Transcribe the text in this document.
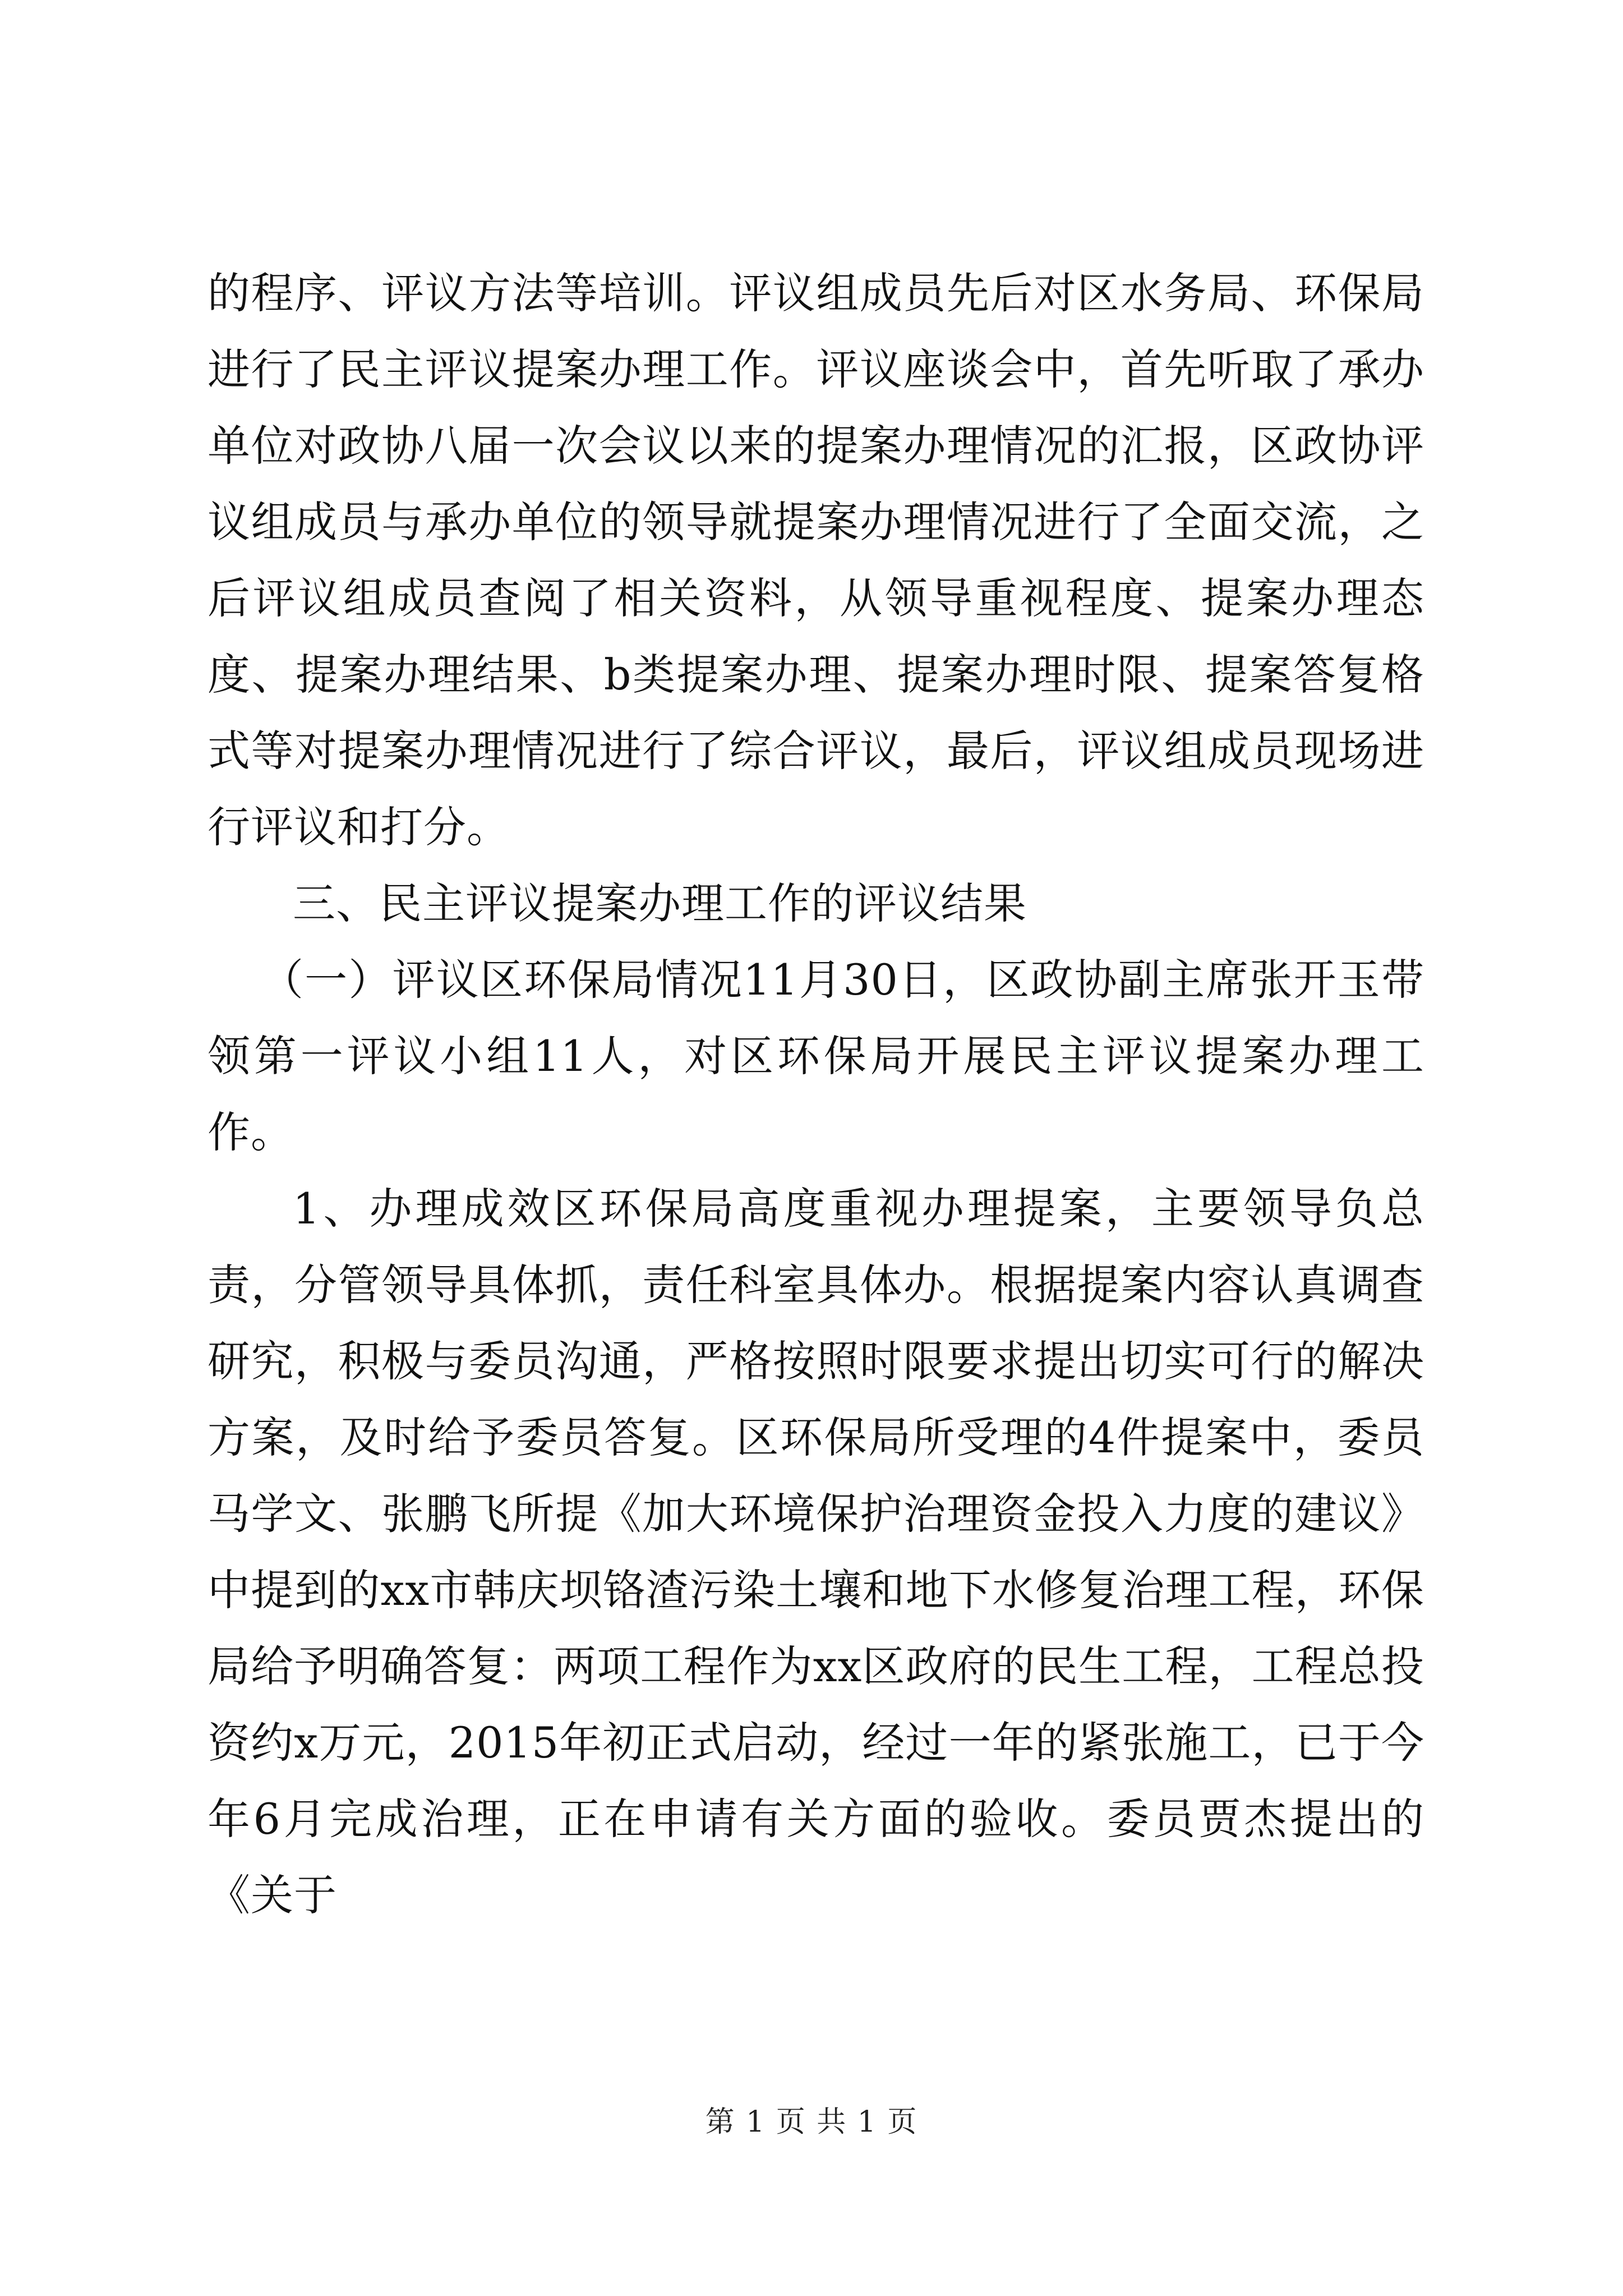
的程序、评议方法等培训。评议组成员先后对区水务局、环保局进行了民主评议提案办理工作。评议座谈会中，首先听取了承办单位对政协八届一次会议以来的提案办理情况的汇报，区政协评议组成员与承办单位的领导就提案办理情况进行了全面交流，之后评议组成员查阅了相关资料，从领导重视程度、提案办理态度、提案办理结果、b类提案办理、提案办理时限、提案答复格式等对提案办理情况进行了综合评议，最后，评议组成员现场进行评议和打分。

三、民主评议提案办理工作的评议结果

（一）评议区环保局情况11月30日，区政协副主席张开玉带领第一评议小组11人，对区环保局开展民主评议提案办理工作。

1、办理成效区环保局高度重视办理提案，主要领导负总责，分管领导具体抓，责任科室具体办。根据提案内容认真调查研究，积极与委员沟通，严格按照时限要求提出切实可行的解决方案，及时给予委员答复。区环保局所受理的4件提案中，委员马学文、张鹏飞所提《加大环境保护治理资金投入力度的建议》中提到的xx市韩庆坝铬渣污染土壤和地下水修复治理工程，环保局给予明确答复：两项工程作为xx区政府的民生工程，工程总投资约x万元，2015年初正式启动，经过一年的紧张施工，已于今年6月完成治理，正在申请有关方面的验收。委员贾杰提出的《关于

第 1 页 共 1 页
